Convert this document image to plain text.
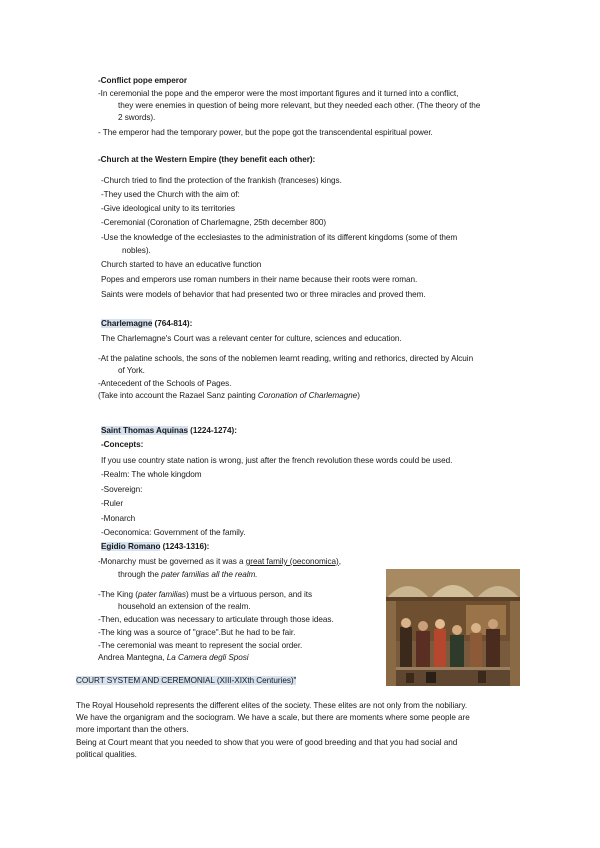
-Conflict pope emperor
-In ceremonial the pope and the emperor were the most important figures and it turned into a conflict,
they were enemies in question of being more relevant, but they needed each other. (The theory of the
2 swords).
- The emperor had the temporary power, but the pope got the transcendental espiritual power.
-Church at the Western Empire (they benefit each other):
-Church tried to find the protection of the frankish (franceses) kings.
-They used the Church with the aim of:
-Give ideological unity to its territories
-Ceremonial (Coronation of Charlemagne, 25th december 800)
-Use the knowledge of the ecclesiastes to the administration of its different kingdoms (some of them
nobles).
Church started to have an educative function
Popes and emperors use roman numbers in their name because their roots were roman.
Saints were models of behavior that had presented two or three miracles and proved them.
Charlemagne (764-814):
The Charlemagne's Court was a relevant center for culture, sciences and education.
-At the palatine schools, the sons of the noblemen learnt reading, writing and rethorics, directed by Alcuin
of York.
-Antecedent of the Schools of Pages.
(Take into account the Razael Sanz painting Coronation of Charlemagne)
Saint Thomas Aquinas (1224-1274):
-Concepts:
If you use country state nation is wrong, just after the french revolution these words could be used.
-Realm: The whole kingdom
-Sovereign:
-Ruler
-Monarch
-Oeconomica: Government of the family.
Egidio Romano (1243-1316):
-Monarchy must be governed as it was a great family (oeconomica),
through the pater familias all the realm.
-The King (pater familias) must be a virtuous person, and its
household an extension of the realm.
-Then, education was necessary to articulate through those ideas.
-The king was a source of "grace".But he had to be fair.
-The ceremonial was meant to represent the social order.
Andrea Mantegna, La Camera degli Sposi
COURT SYSTEM AND CEREMONIAL (XIII-XIXth Centuries)"
The Royal Household represents the different elites of the society. These elites are not only from the nobiliary.
We have the organigram and the sociogram. We have a scale, but there are moments where some people are
more important than the others.
Being at Court meant that you needed to show that you were of good breeding and that you had social and
political qualities.
